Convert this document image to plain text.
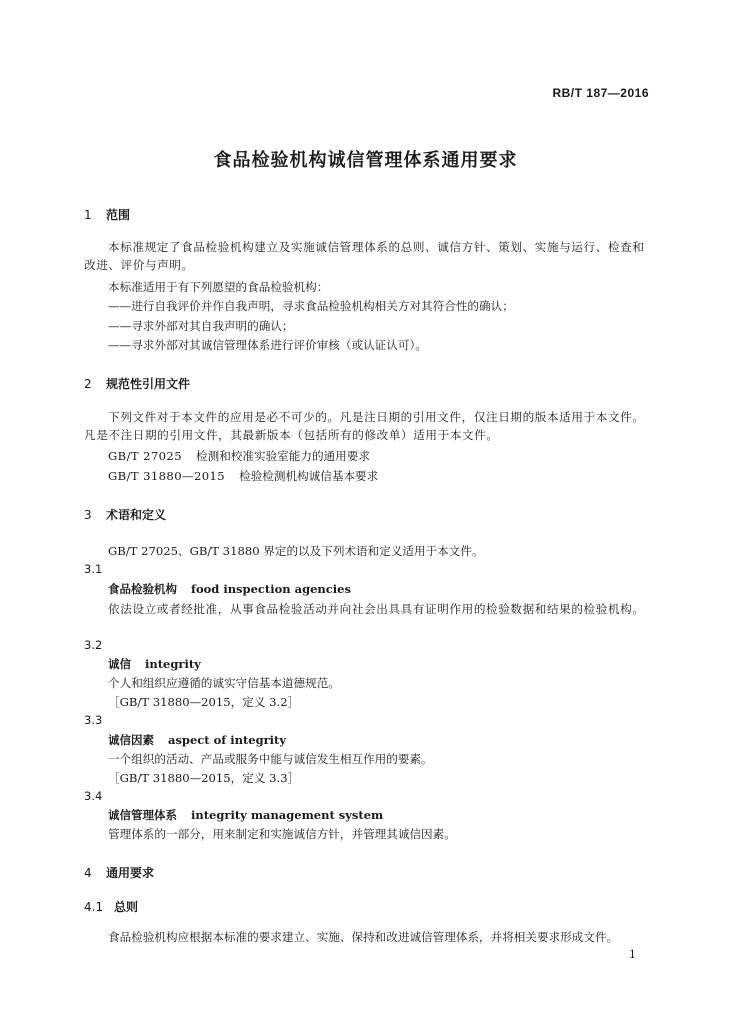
RB/T 187—2016
食品检验机构诚信管理体系通用要求
1 范围
本标准规定了食品检验机构建立及实施诚信管理体系的总则、诚信方针、策划、实施与运行、检查和改进、评价与声明。
本标准适用于有下列愿望的食品检验机构：
——进行自我评价并作自我声明，寻求食品检验机构相关方对其符合性的确认；
——寻求外部对其自我声明的确认；
——寻求外部对其诚信管理体系进行评价审核（或认证认可）。
2 规范性引用文件
下列文件对于本文件的应用是必不可少的。凡是注日期的引用文件，仅注日期的版本适用于本文件。凡是不注日期的引用文件，其最新版本（包括所有的修改单）适用于本文件。
GB/T 27025 检测和校准实验室能力的通用要求
GB/T 31880—2015 检验检测机构诚信基本要求
3 术语和定义
GB/T 27025、GB/T 31880 界定的以及下列术语和定义适用于本文件。
3.1
食品检验机构 food inspection agencies
依法设立或者经批准，从事食品检验活动并向社会出具具有证明作用的检验数据和结果的检验机构。
3.2
诚信 integrity
个人和组织应遵循的诚实守信基本道德规范。
［GB/T 31880—2015，定义 3.2］
3.3
诚信因素 aspect of integrity
一个组织的活动、产品或服务中能与诚信发生相互作用的要素。
［GB/T 31880—2015，定义 3.3］
3.4
诚信管理体系 integrity management system
管理体系的一部分，用来制定和实施诚信方针，并管理其诚信因素。
4 通用要求
4.1 总则
食品检验机构应根据本标准的要求建立、实施、保持和改进诚信管理体系，并将相关要求形成文件。
1
